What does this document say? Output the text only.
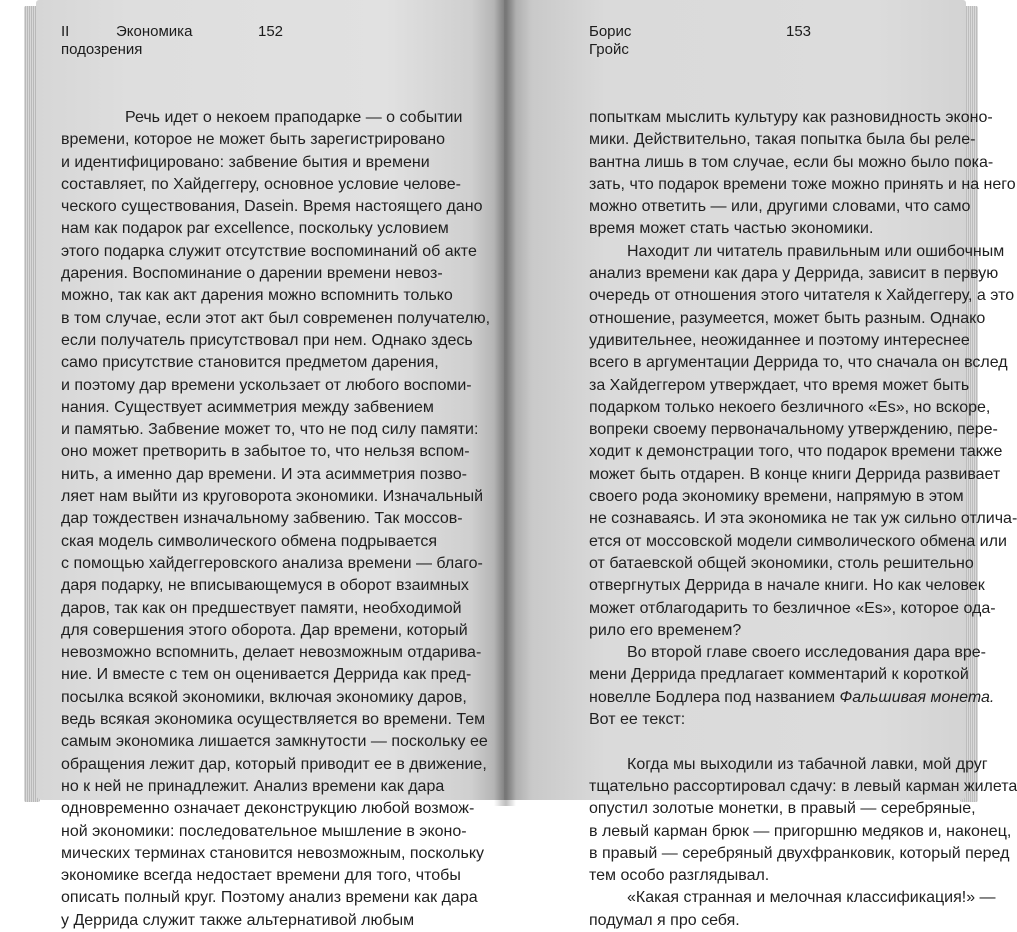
II	Экономика
подозрения
152
Речь идет о некоем праподарке — о событии
времени, которое не может быть зарегистрировано
и идентифицировано: забвение бытия и времени
составляет, по Хайдеггеру, основное условие челове-
ческого существования, Dasein. Время настоящего дано
нам как подарок par excellence, поскольку условием
этого подарка служит отсутствие воспоминаний об акте
дарения. Воспоминание о дарении времени невоз-
можно, так как акт дарения можно вспомнить только
в том случае, если этот акт был современен получателю,
если получатель присутствовал при нем. Однако здесь
само присутствие становится предметом дарения,
и поэтому дар времени ускользает от любого воспоми-
нания. Существует асимметрия между забвением
и памятью. Забвение может то, что не под силу памяти:
оно может претворить в забытое то, что нельзя вспом-
нить, а именно дар времени. И эта асимметрия позво-
ляет нам выйти из круговорота экономики. Изначальный
дар тождествен изначальному забвению. Так моссов-
ская модель символического обмена подрывается
с помощью хайдеггеровского анализа времени — благо-
даря подарку, не вписывающемуся в оборот взаимных
даров, так как он предшествует памяти, необходимой
для совершения этого оборота. Дар времени, который
невозможно вспомнить, делает невозможным отдарива-
ние. И вместе с тем он оценивается Деррида как пред-
посылка всякой экономики, включая экономику даров,
ведь всякая экономика осуществляется во времени. Тем
самым экономика лишается замкнутости — поскольку ее
обращения лежит дар, который приводит ее в движение,
но к ней не принадлежит. Анализ времени как дара
одновременно означает деконструкцию любой возмож-
ной экономики: последовательное мышление в эконо-
мических терминах становится невозможным, поскольку
экономике всегда недостает времени для того, чтобы
описать полный круг. Поэтому анализ времени как дара
у Деррида служит также альтернативой любым
Борис
Гройс
153
попыткам мыслить культуру как разновидность эконо-
мики. Действительно, такая попытка была бы реле-
вантна лишь в том случае, если бы можно было пока-
зать, что подарок времени тоже можно принять и на него
можно ответить — или, другими словами, что само
время может стать частью экономики.
Находит ли читатель правильным или ошибочным
анализ времени как дара у Деррида, зависит в первую
очередь от отношения этого читателя к Хайдеггеру, а это
отношение, разумеется, может быть разным. Однако
удивительнее, неожиданнее и поэтому интереснее
всего в аргументации Деррида то, что сначала он вслед
за Хайдеггером утверждает, что время может быть
подарком только некоего безличного «Es», но вскоре,
вопреки своему первоначальному утверждению, пере-
ходит к демонстрации того, что подарок времени также
может быть отдарен. В конце книги Деррида развивает
своего рода экономику времени, напрямую в этом
не сознаваясь. И эта экономика не так уж сильно отлича-
ется от моссовской модели символического обмена или
от батаевской общей экономики, столь решительно
отвергнутых Деррида в начале книги. Но как человек
может отблагодарить то безличное «Es», которое ода-
рило его временем?
Во второй главе своего исследования дара вре-
мени Деррида предлагает комментарий к короткой
новелле Бодлера под названием Фальшивая монета.
Вот ее текст:
Когда мы выходили из табачной лавки, мой друг
тщательно рассортировал сдачу: в левый карман жилета
опустил золотые монетки, в правый — серебряные,
в левый карман брюк — пригоршню медяков и, наконец,
в правый — серебряный двухфранковик, который перед
тем особо разглядывал.
«Какая странная и мелочная классификация!» —
подумал я про себя.
